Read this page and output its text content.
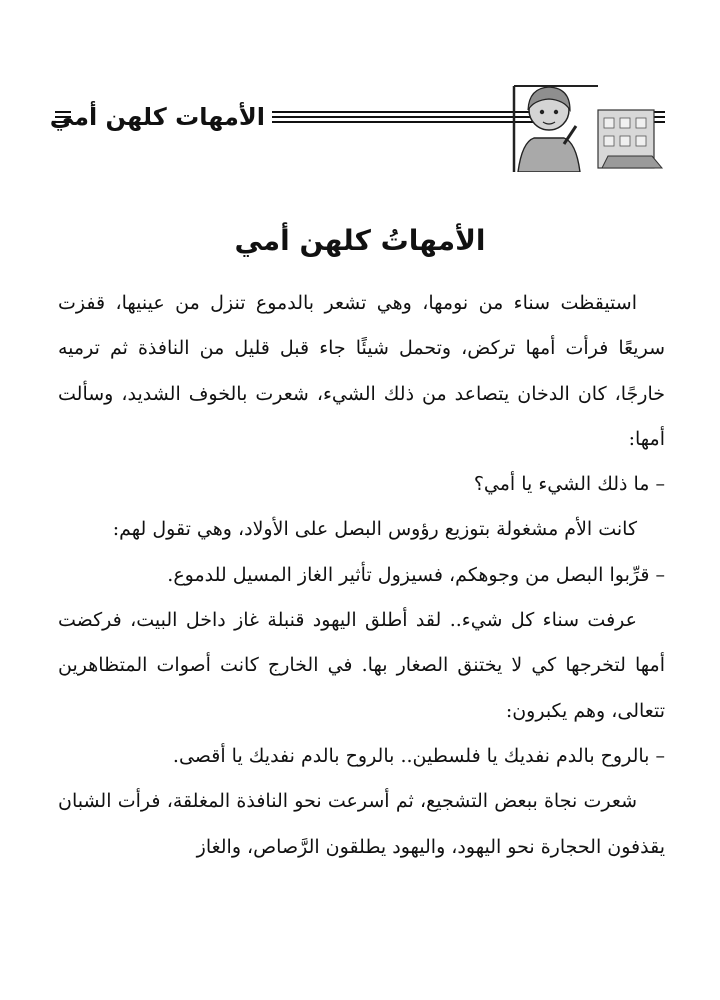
الأمهات كلهن أمي
الأمهاتُ كلهن أمي

استيقظت سناء من نومها، وهي تشعر بالدموع تنزل من عينيها، قفزت سريعًا فرأت أمها تركض، وتحمل شيئًا جاء قبل قليل من النافذة ثم ترميه خارجًا، كان الدخان يتصاعد من ذلك الشيء، شعرت بالخوف الشديد، وسألت أمها:

– ما ذلك الشيء يا أمي؟

كانت الأم مشغولة بتوزيع رؤوس البصل على الأولاد، وهي تقول لهم:

– قرِّبوا البصل من وجوهكم، فسيزول تأثير الغاز المسيل للدموع.

عرفت سناء كل شيء.. لقد أطلق اليهود قنبلة غاز داخل البيت، فركضت أمها لتخرجها كي لا يختنق الصغار بها. في الخارج كانت أصوات المتظاهرين تتعالى، وهم يكبرون:

– بالروح بالدم نفديك يا فلسطين.. بالروح بالدم نفديك يا أقصى.

شعرت نجاة ببعض التشجيع، ثم أسرعت نحو النافذة المغلقة، فرأت الشبان يقذفون الحجارة نحو اليهود، واليهود يطلقون الرَّصاص، والغاز
